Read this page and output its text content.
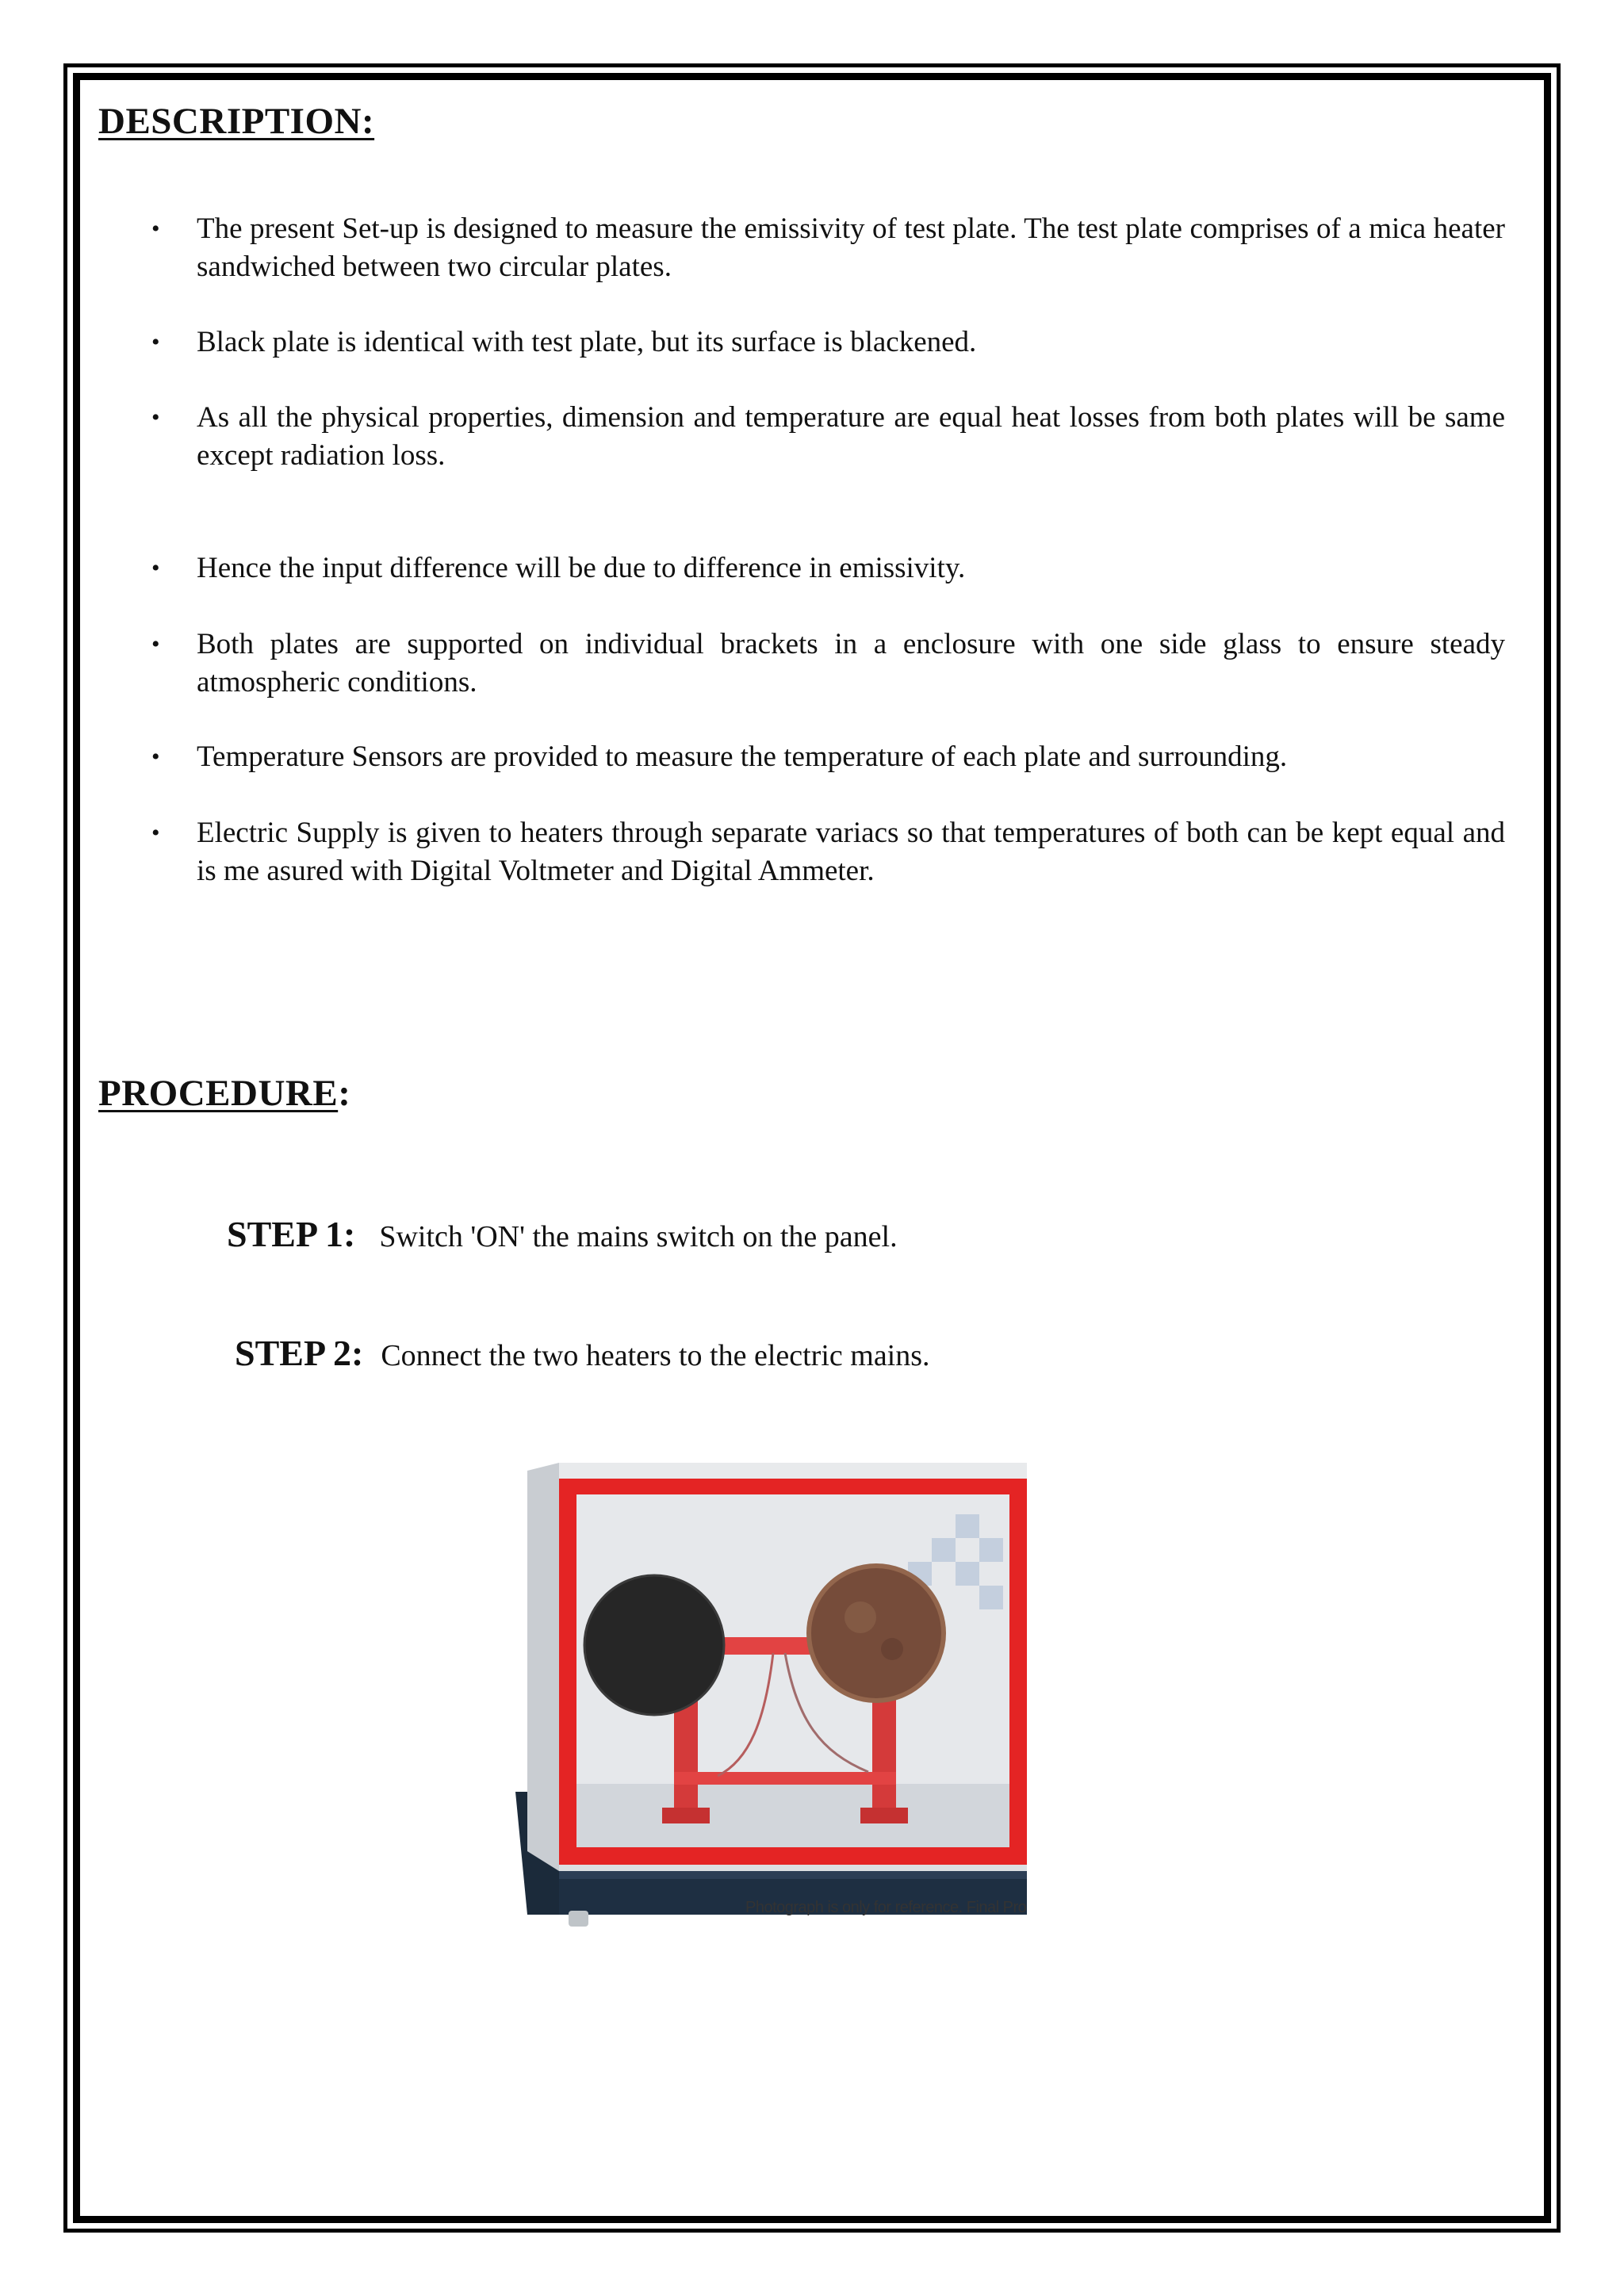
DESCRIPTION:
• The present Set-up is designed to measure the emissivity of test plate. The test plate comprises of a mica heater sandwiched between two circular plates.
• Black plate is identical with test plate, but its surface is blackened.
• As all the physical properties, dimension and temperature are equal heat losses from both plates will be same except radiation loss.
• Hence the input difference will be due to difference in emissivity.
• Both plates are supported on individual brackets in a enclosure with one side glass to ensure steady atmospheric conditions.
• Temperature Sensors are provided to measure the temperature of each plate and surrounding.
• Electric Supply is given to heaters through separate variacs so that temperatures of both can be kept equal and is me asured with Digital Voltmeter and Digital Ammeter.
PROCEDURE:
STEP 1: Switch 'ON' the mains switch on the panel.
STEP 2: Connect the two heaters to the electric mains.
Photograph is only for reference. Final Pro
